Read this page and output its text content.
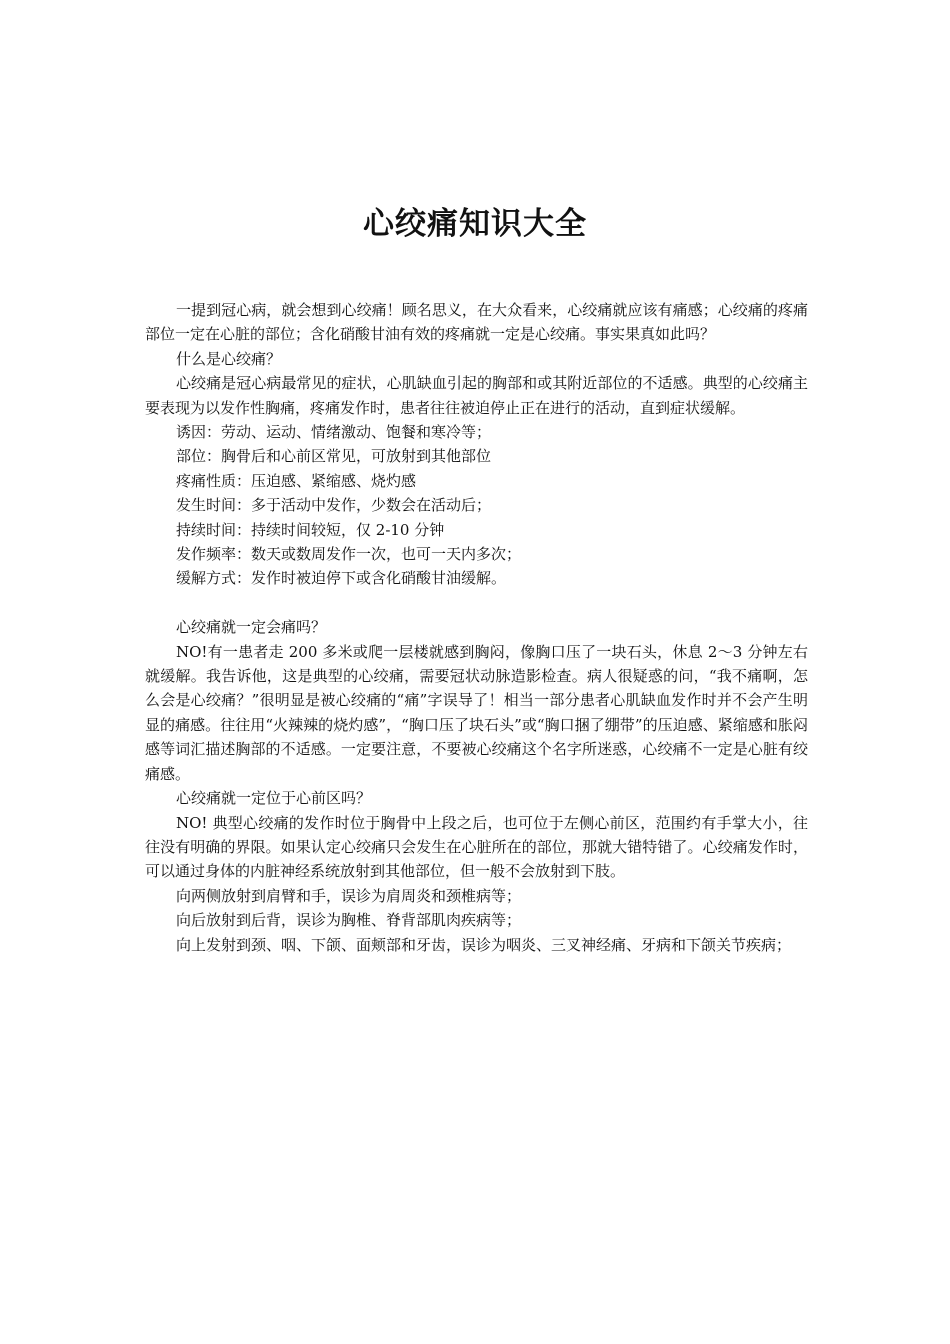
心绞痛知识大全

一提到冠心病，就会想到心绞痛！顾名思义，在大众看来，心绞痛就应该有痛感；心绞痛的疼痛部位一定在心脏的部位；含化硝酸甘油有效的疼痛就一定是心绞痛。事实果真如此吗？

什么是心绞痛？

心绞痛是冠心病最常见的症状，心肌缺血引起的胸部和或其附近部位的不适感。典型的心绞痛主要表现为以发作性胸痛，疼痛发作时，患者往往被迫停止正在进行的活动，直到症状缓解。

诱因：劳动、运动、情绪激动、饱餐和寒冷等；

部位：胸骨后和心前区常见，可放射到其他部位

疼痛性质：压迫感、紧缩感、烧灼感

发生时间：多于活动中发作，少数会在活动后；

持续时间：持续时间较短，仅 2-10 分钟

发作频率：数天或数周发作一次，也可一天内多次；

缓解方式：发作时被迫停下或含化硝酸甘油缓解。

心绞痛就一定会痛吗？

NO!有一患者走 200 多米或爬一层楼就感到胸闷，像胸口压了一块石头，休息 2～3 分钟左右就缓解。我告诉他，这是典型的心绞痛，需要冠状动脉造影检查。病人很疑惑的问，“我不痛啊，怎么会是心绞痛？”很明显是被心绞痛的“痛”字误导了！相当一部分患者心肌缺血发作时并不会产生明显的痛感。往往用“火辣辣的烧灼感”，“胸口压了块石头”或“胸口捆了绷带”的压迫感、紧缩感和胀闷感等词汇描述胸部的不适感。一定要注意，不要被心绞痛这个名字所迷惑，心绞痛不一定是心脏有绞痛感。

心绞痛就一定位于心前区吗？

NO! 典型心绞痛的发作时位于胸骨中上段之后，也可位于左侧心前区，范围约有手掌大小，往往没有明确的界限。如果认定心绞痛只会发生在心脏所在的部位，那就大错特错了。心绞痛发作时，可以通过身体的内脏神经系统放射到其他部位，但一般不会放射到下肢。

向两侧放射到肩臂和手，误诊为肩周炎和颈椎病等；

向后放射到后背，误诊为胸椎、脊背部肌肉疾病等；

向上发射到颈、咽、下颌、面颊部和牙齿，误诊为咽炎、三叉神经痛、牙病和下颌关节疾病；
